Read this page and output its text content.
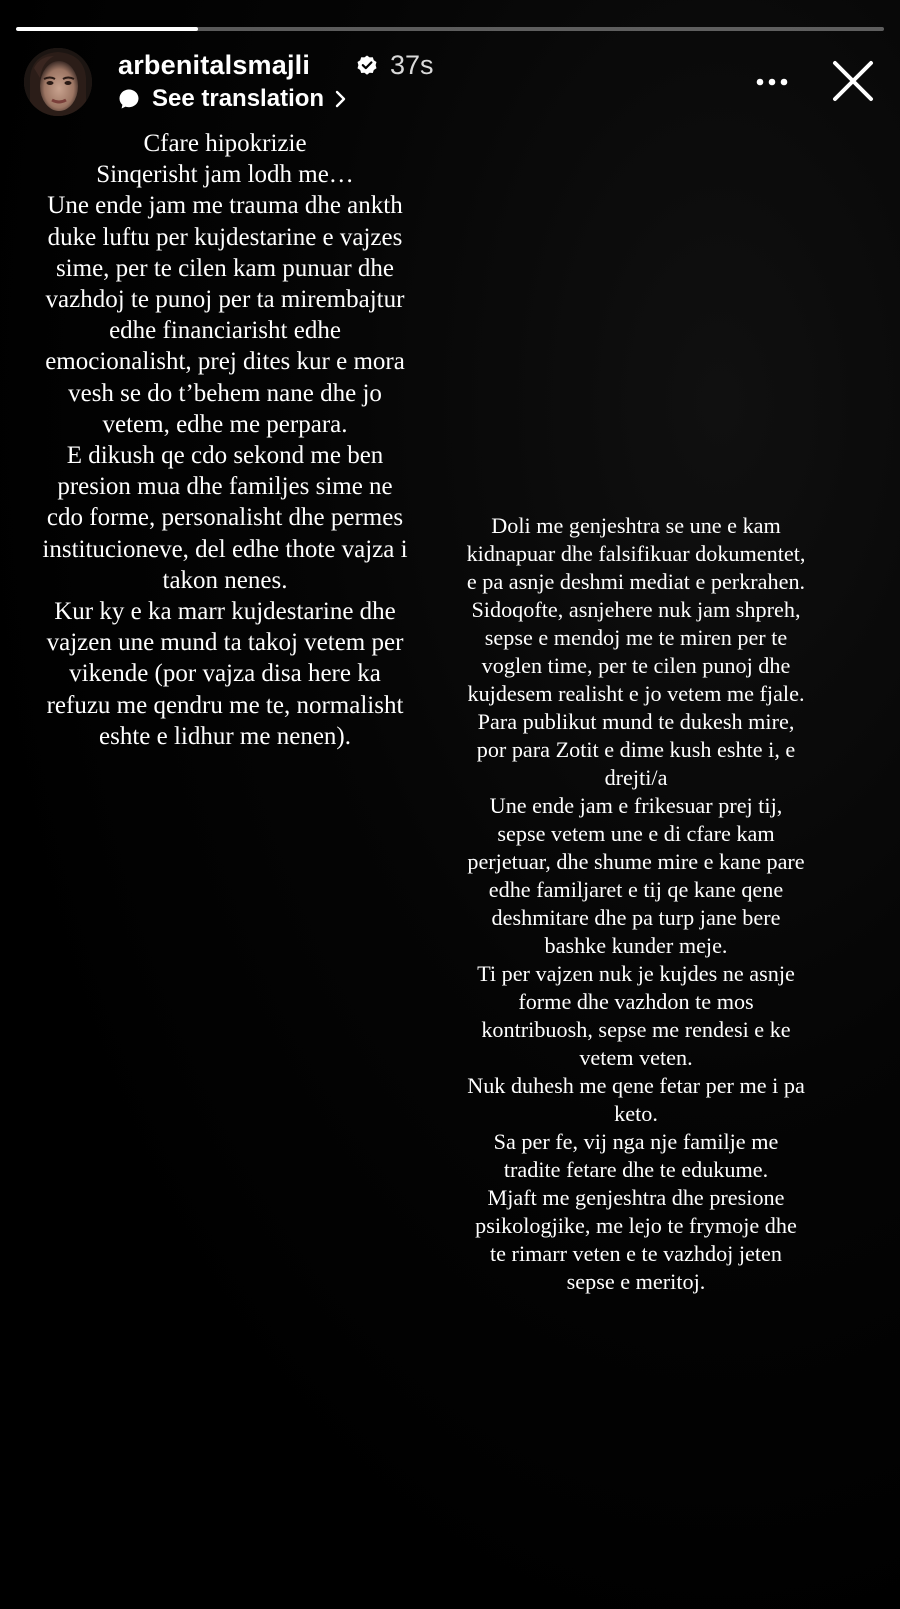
arbenitalsmajli	37s
See translation
Cfare hipokrizie
Sinqerisht jam lodh me…
Une ende jam me trauma dhe ankth duke luftu per kujdestarine e vajzes sime, per te cilen kam punuar dhe vazhdoj te punoj per ta mirembajtur edhe financiarisht edhe emocionalisht, prej dites kur e mora vesh se do t’behem nane dhe jo vetem, edhe me perpara.
E dikush qe cdo sekond me ben presion mua dhe familjes sime ne cdo forme, personalisht dhe permes institucioneve, del edhe thote vajza i takon nenes.
Kur ky e ka marr kujdestarine dhe vajzen une mund ta takoj vetem per vikende (por vajza disa here ka refuzu me qendru me te, normalisht eshte e lidhur me nenen).
Doli me genjeshtra se une e kam kidnapuar dhe falsifikuar dokumentet, e pa asnje deshmi mediat e perkrahen.
Sidoqofte, asnjehere nuk jam shpreh, sepse e mendoj me te miren per te voglen time, per te cilen punoj dhe kujdesem realisht e jo vetem me fjale.
Para publikut mund te dukesh mire, por para Zotit e dime kush eshte i, e drejti/a
Une ende jam e frikesuar prej tij, sepse vetem une e di cfare kam perjetuar, dhe shume mire e kane pare edhe familjaret e tij qe kane qene deshmitare dhe pa turp jane bere bashke kunder meje.
Ti per vajzen nuk je kujdes ne asnje forme dhe vazhdon te mos kontribuosh, sepse me rendesi e ke vetem veten.
Nuk duhesh me qene fetar per me i pa keto.
Sa per fe, vij nga nje familje me tradite fetare dhe te edukume.
Mjaft me genjeshtra dhe presione psikologjike, me lejo te frymoje dhe te rimarr veten e te vazhdoj jeten sepse e meritoj.
